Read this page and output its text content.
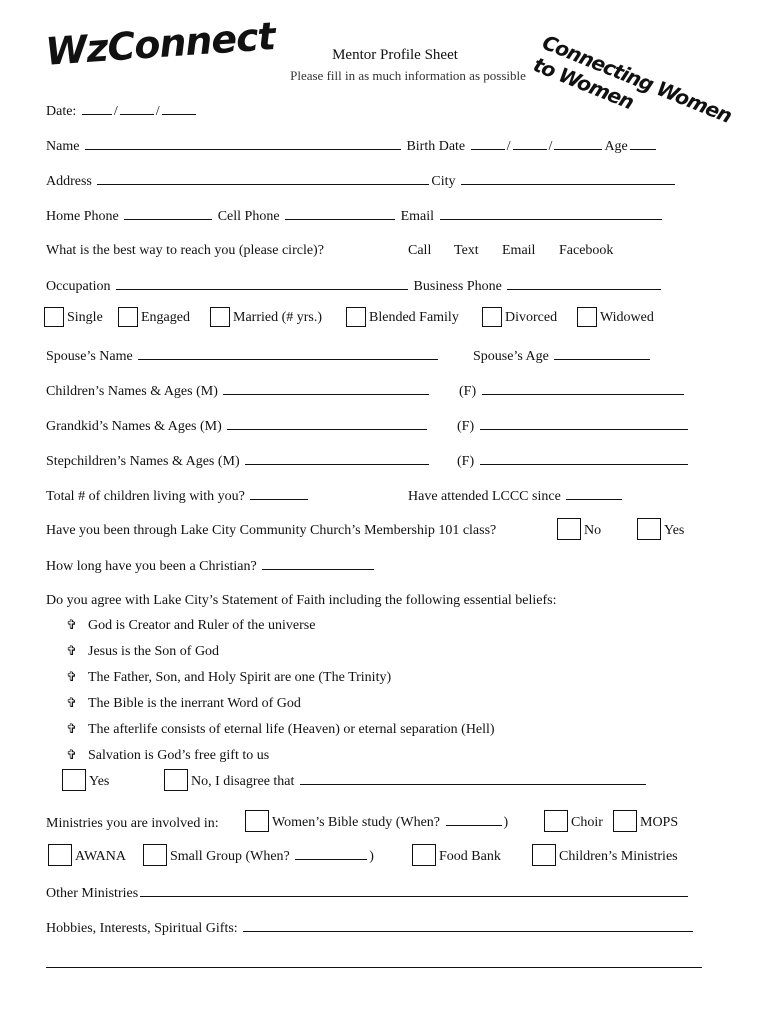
WzConnect	Connecting Women to Women
Mentor Profile Sheet
Please fill in as much information as possible
Date:	/	/
Name	Birth Date	/	/	Age
Address	City
Home Phone	Cell Phone	Email
What is the best way to reach you (please circle)?	Call Text Email Facebook
Occupation	Business Phone
Single	Engaged	Married (# yrs.)	Blended Family	Divorced	Widowed
Spouse’s Name	Spouse’s Age
Children’s Names & Ages (M)	(F)
Grandkid’s Names & Ages (M)	(F)
Stepchildren’s Names & Ages (M)	(F)
Total # of children living with you?	Have attended LCCC since
Have you been through Lake City Community Church’s Membership 101 class?	No	Yes
How long have you been a Christian?
Do you agree with Lake City’s Statement of Faith including the following essential beliefs:
✞ God is Creator and Ruler of the universe
✞ Jesus is the Son of God
✞ The Father, Son, and Holy Spirit are one (The Trinity)
✞ The Bible is the inerrant Word of God
✞ The afterlife consists of eternal life (Heaven) or eternal separation (Hell)
✞ Salvation is God’s free gift to us
Yes	No, I disagree that
Ministries you are involved in:	Women’s Bible study (When?	)	Choir	MOPS
AWANA	Small Group (When?	)	Food Bank	Children’s Ministries
Other Ministries
Hobbies, Interests, Spiritual Gifts:
